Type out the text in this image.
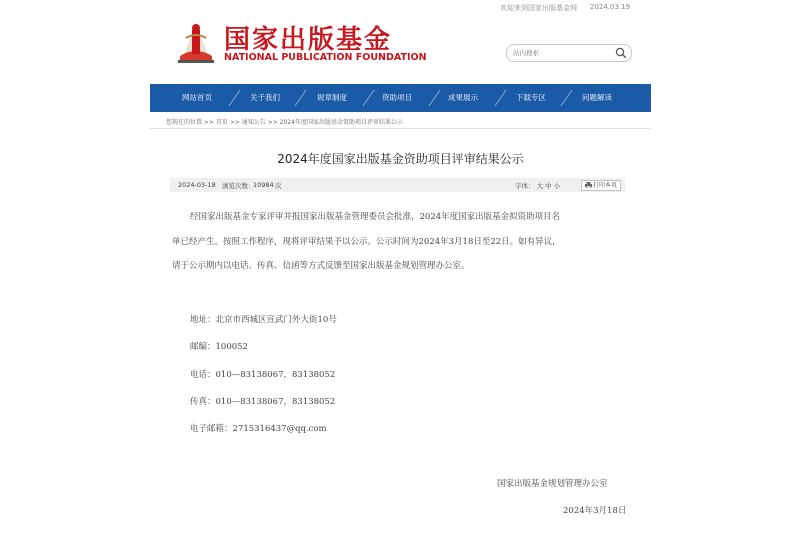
欢迎来到国家出版基金网 2024.03.19
国家出版基金
NATIONAL PUBLICATION FOUNDATION
站内搜索
网站首页	关于我们	规章制度	资助项目	成果展示	下载专区	问题解读
您现在的位置 >> 首页 >> 通知公告 >> 2024年度国家出版基金资助项目评审结果公示
2024年度国家出版基金资助项目评审结果公示
2024-03-18 浏览次数：
10984 次	字体： 大 中 小	打印本页
经国家出版基金专家评审并报国家出版基金管理委员会批准，2024年度国家出版基金拟资助项目名
单已经产生。按照工作程序，现将评审结果予以公示。公示时间为2024年3月18日至22日。如有异议，
请于公示期内以电话、传真、信函等方式反馈至国家出版基金规划管理办公室。
地址：北京市西城区宣武门外大街10号
邮编：100052
电话：010—83138067，83138052
传真：010—83138067，83138052
电子邮箱：2715316437@qq.com
国家出版基金规划管理办公室
2024年3月18日
